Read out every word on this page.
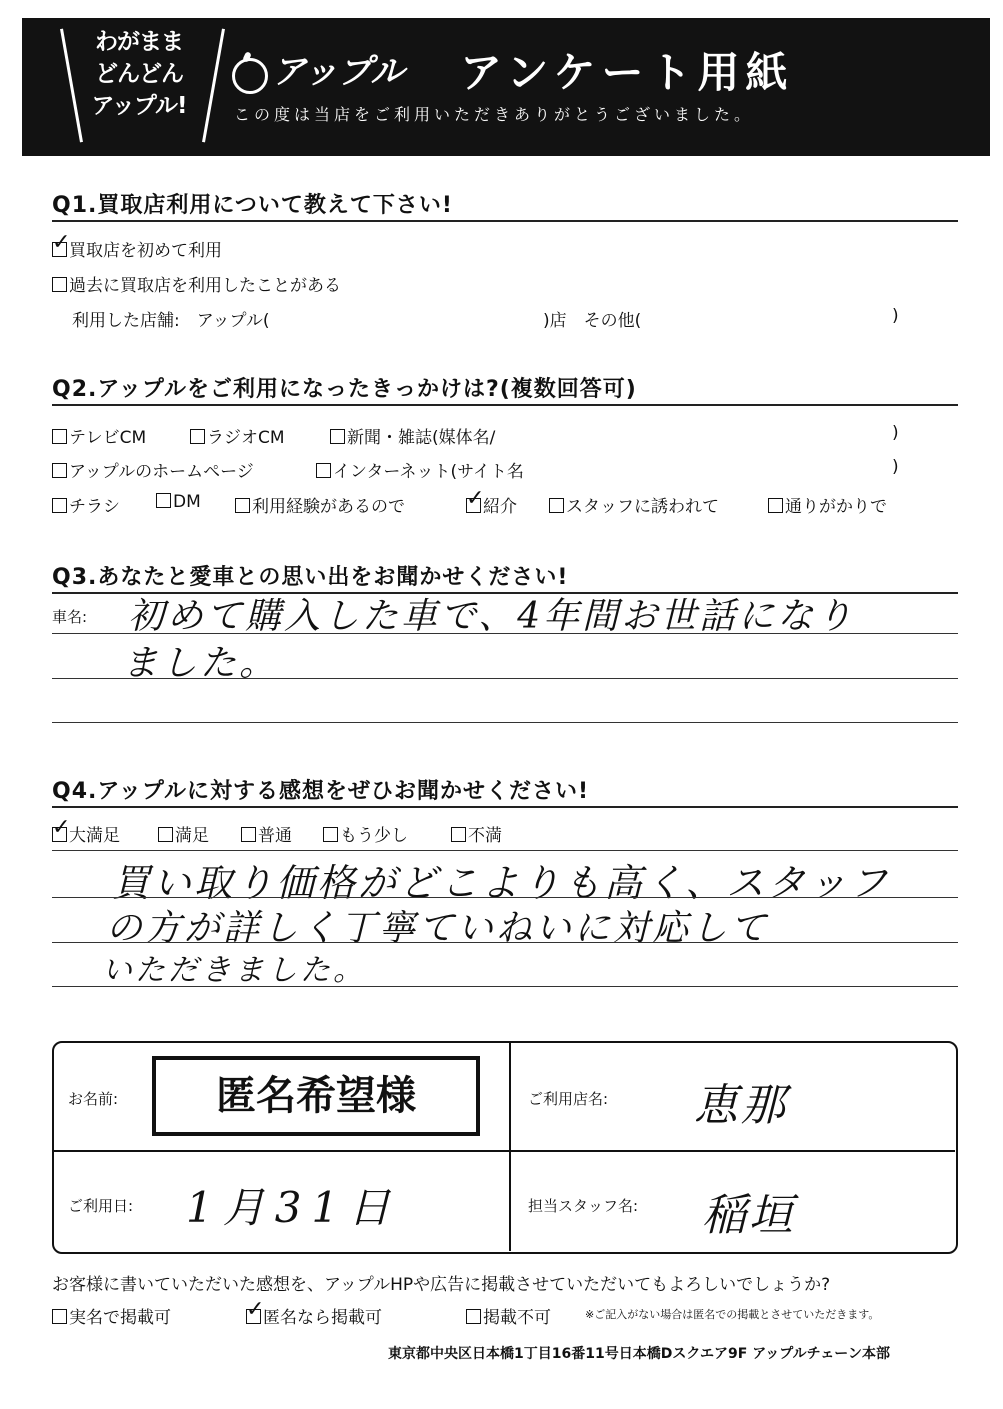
わがまま
どんどん
アップル!
アップル アンケート用紙
この度は当店をご利用いただきありがとうございました。
Q1.買取店利用について教えて下さい!
✓買取店を初めて利用
過去に買取店を利用したことがある
利用した店舗:　アップル(	)店　その他(	)
Q2.アップルをご利用になったきっかけは?(複数回答可)
テレビCM	ラジオCM	新聞・雑誌(媒体名/	)
アップルのホームページ	インターネット(サイト名	)
チラシ	DM	利用経験があるので ✓	紹介	スタッフに誘われて	通りがかりで
Q3.あなたと愛車との思い出をお聞かせください!
車名: 初めて購入した車で、4年間お世話になり
ました。
Q4.アップルに対する感想をぜひお聞かせください!
✓大満足	満足	普通	もう少し	不満
買い取り価格がどこよりも高く、スタッフ
の方が詳しく丁寧ていねいに対応して
いただきました。
お名前:	匿名希望様	ご利用店名: 恵那
ご利用日: 1月31日	担当スタッフ名: 稲垣
お客様に書いていただいた感想を、アップルHPや広告に掲載させていただいてもよろしいでしょうか?
実名で掲載可 ✓	匿名なら掲載可	掲載不可	※ご記入がない場合は匿名での掲載とさせていただきます。
東京都中央区日本橋1丁目16番11号日本橋Dスクエア9F アップルチェーン本部
